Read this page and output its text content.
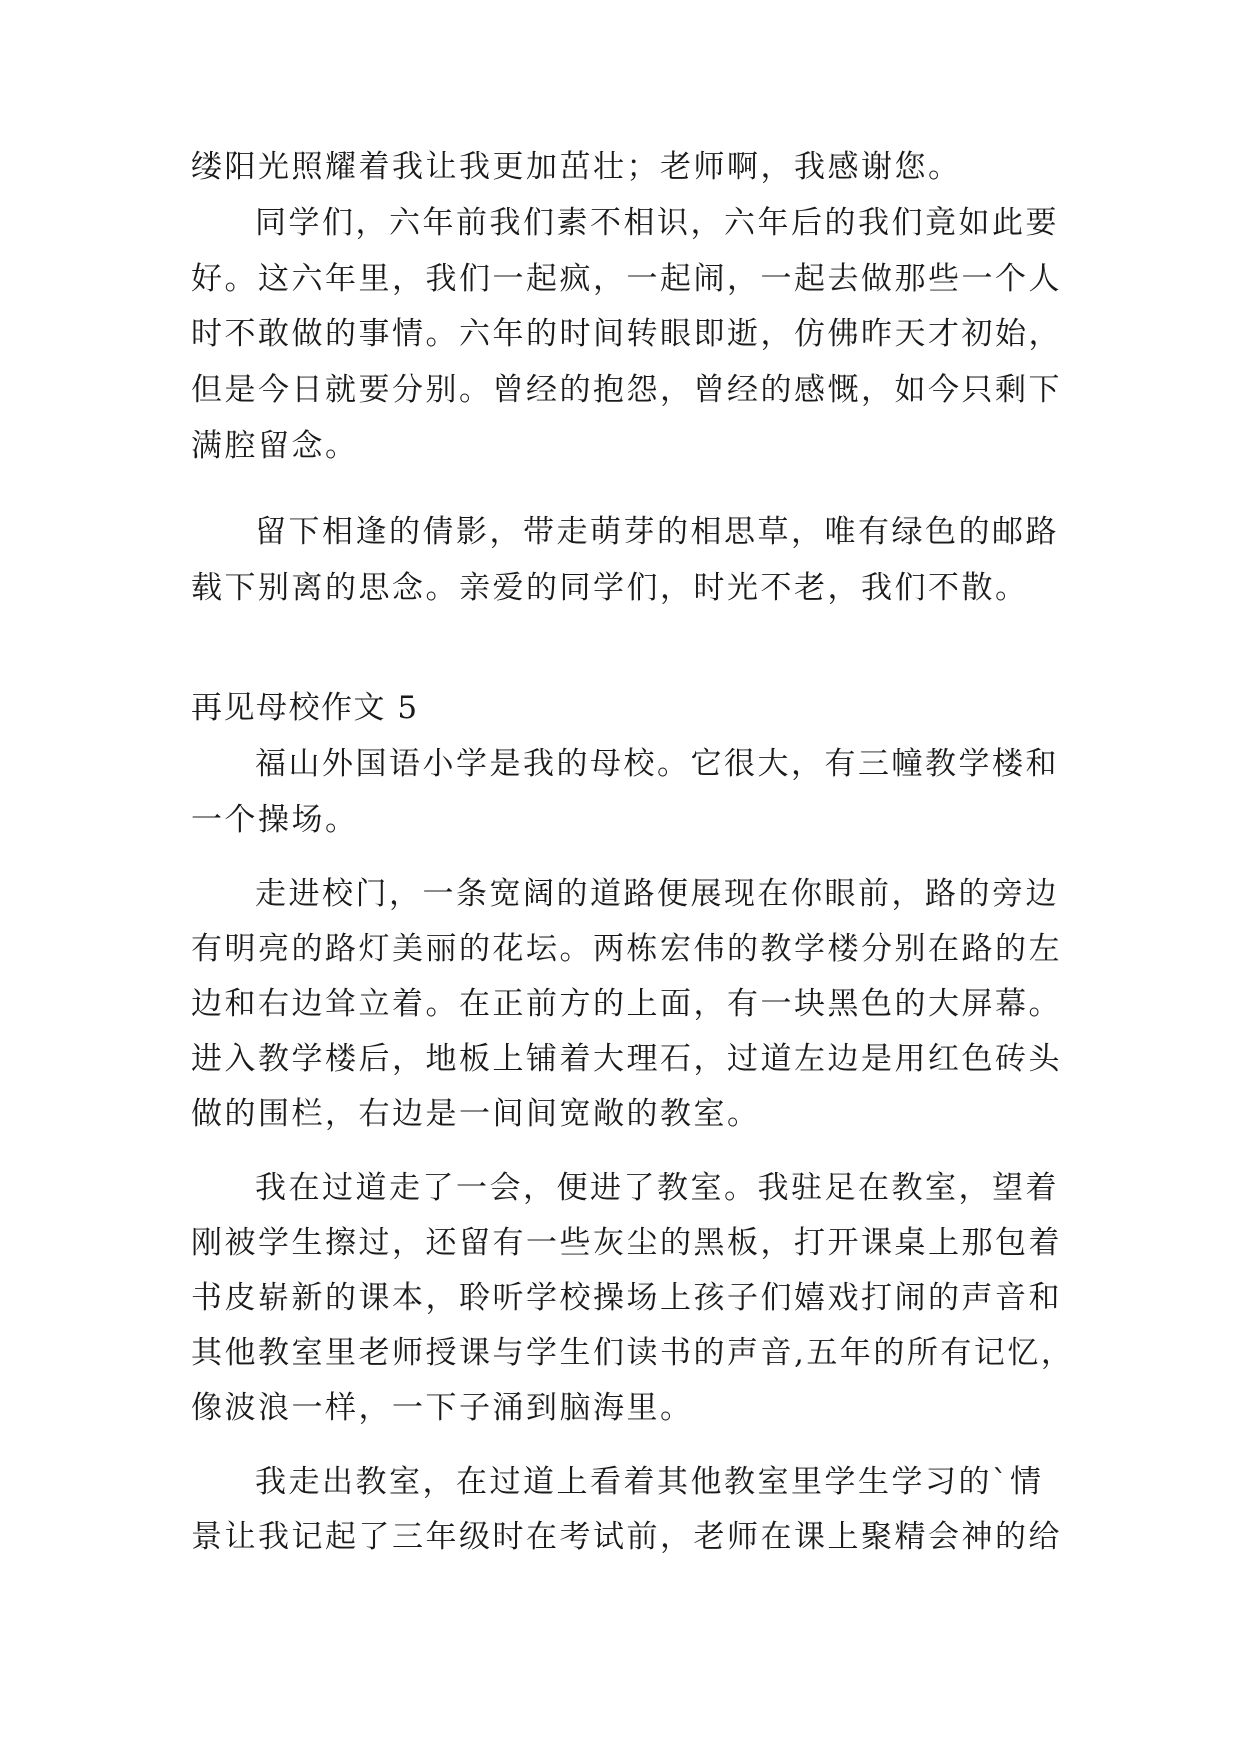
缕阳光照耀着我让我更加茁壮；老师啊，我感谢您。
同学们，六年前我们素不相识，六年后的我们竟如此要
好。这六年里，我们一起疯，一起闹，一起去做那些一个人
时不敢做的事情。六年的时间转眼即逝，仿佛昨天才初始，
但是今日就要分别。曾经的抱怨，曾经的感慨，如今只剩下
满腔留念。
留下相逢的倩影，带走萌芽的相思草，唯有绿色的邮路
载下别离的思念。亲爱的同学们，时光不老，我们不散。
再见母校作文 5
福山外国语小学是我的母校。它很大，有三幢教学楼和
一个操场。
走进校门，一条宽阔的道路便展现在你眼前，路的旁边
有明亮的路灯美丽的花坛。两栋宏伟的教学楼分别在路的左
边和右边耸立着。在正前方的上面，有一块黑色的大屏幕。
进入教学楼后，地板上铺着大理石，过道左边是用红色砖头
做的围栏，右边是一间间宽敞的教室。
我在过道走了一会，便进了教室。我驻足在教室，望着
刚被学生擦过，还留有一些灰尘的黑板，打开课桌上那包着
书皮崭新的课本，聆听学校操场上孩子们嬉戏打闹的声音和
其他教室里老师授课与学生们读书的声音,五年的所有记忆，
像波浪一样，一下子涌到脑海里。
我走出教室，在过道上看着其他教室里学生学习的`情
景让我记起了三年级时在考试前，老师在课上聚精会神的给
